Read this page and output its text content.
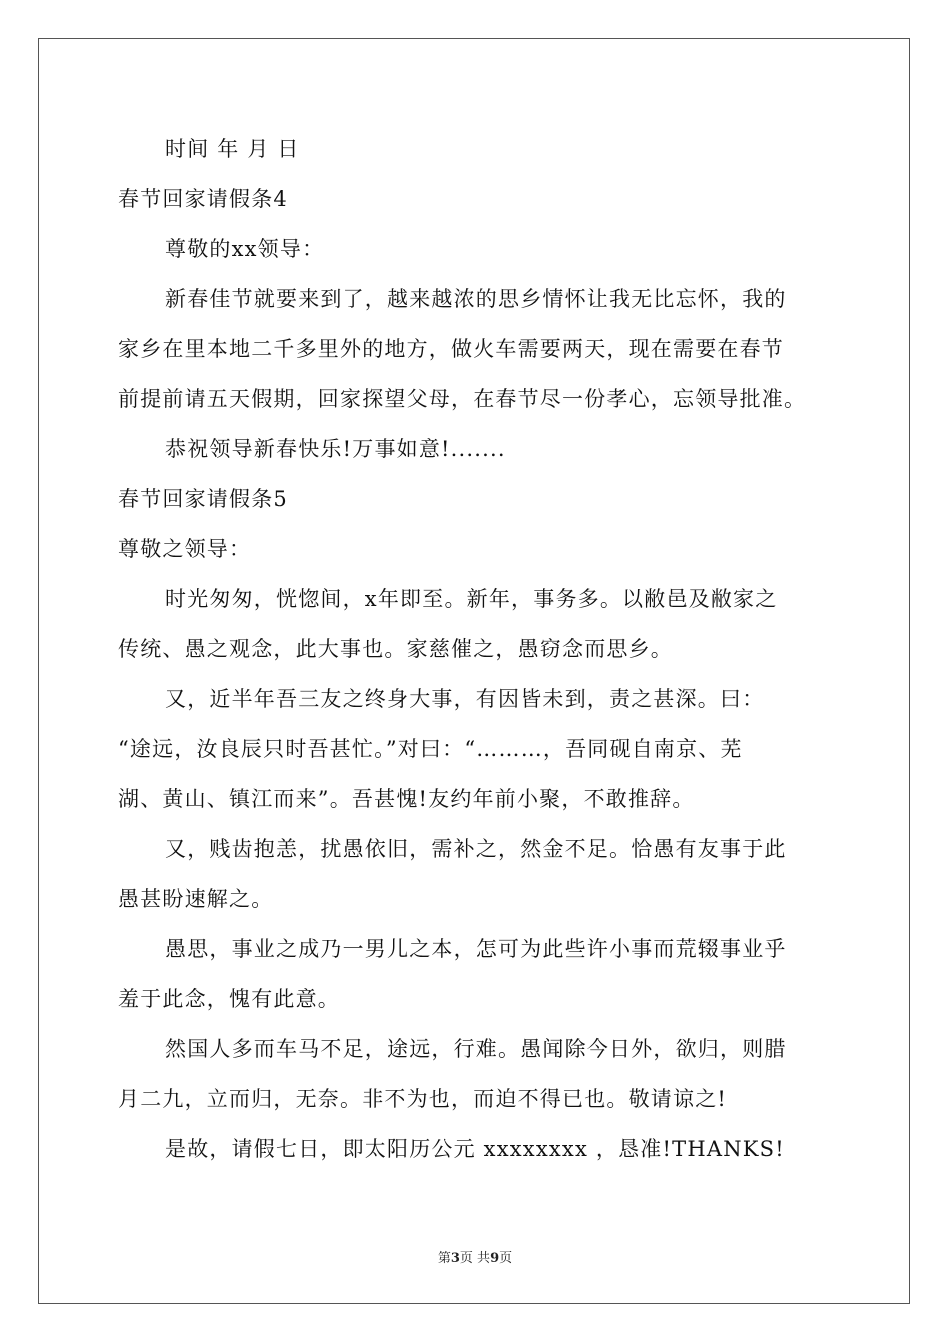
时间 年 月 日
春节回家请假条4
尊敬的xx领导：
新春佳节就要来到了，越来越浓的思乡情怀让我无比忘怀，我的
家乡在里本地二千多里外的地方，做火车需要两天，现在需要在春节
前提前请五天假期，回家探望父母，在春节尽一份孝心，忘领导批准。
恭祝领导新春快乐!万事如意!.......
春节回家请假条5
尊敬之领导：
时光匆匆，恍惚间，x年即至。新年，事务多。以敝邑及敝家之
传统、愚之观念，此大事也。家慈催之，愚窃念而思乡。
又，近半年吾三友之终身大事，有因皆未到，责之甚深。曰：
“途远，汝良辰只时吾甚忙。”对曰：“………，吾同砚自南京、芜
湖、黄山、镇江而来”。吾甚愧!友约年前小聚，不敢推辞。
又，贱齿抱恙，扰愚依旧，需补之，然金不足。恰愚有友事于此
愚甚盼速解之。
愚思，事业之成乃一男儿之本，怎可为此些许小事而荒辍事业乎
羞于此念，愧有此意。
然国人多而车马不足，途远，行难。愚闻除今日外，欲归，则腊
月二九，立而归，无奈。非不为也，而迫不得已也。敬请谅之!
是故，请假七日，即太阳历公元 xxxxxxxx ，恳准!THANKS!
第3页 共9页
